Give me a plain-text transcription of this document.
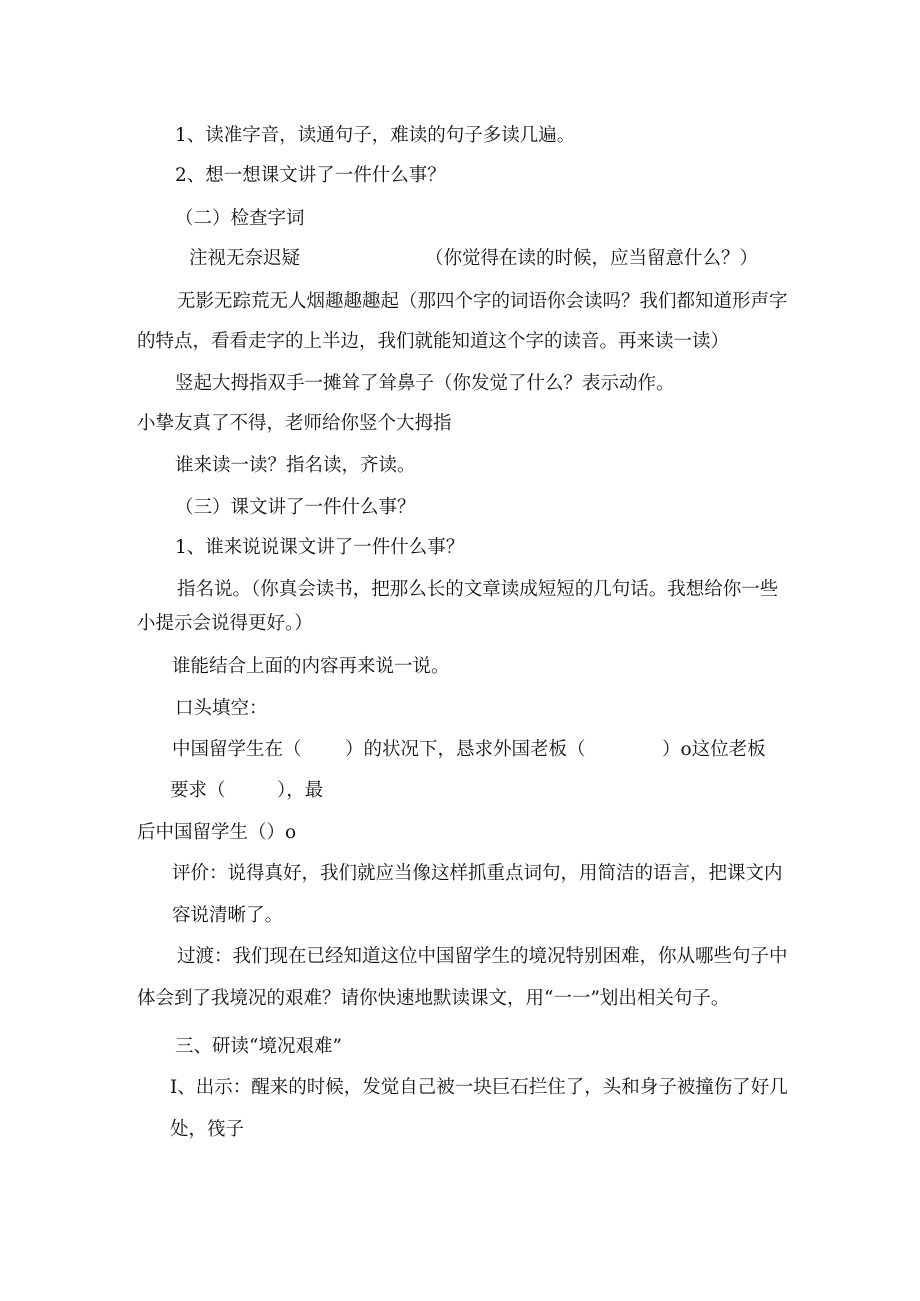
1、读准字音，读通句子，难读的句子多读几遍。
2、想一想课文讲了一件什么事？
（二）检查字词
注视无奈迟疑	（你觉得在读的时候，应当留意什么？）
无影无踪荒无人烟趣趣趣起（那四个字的词语你会读吗？我们都知道形声字
的特点，看看走字的上半边，我们就能知道这个字的读音。再来读一读）
竖起大拇指双手一摊耸了耸鼻子（你发觉了什么？表示动作。
小挚友真了不得，老师给你竖个大拇指
谁来读一读？指名读，齐读。
（三）课文讲了一件什么事？
1、谁来说说课文讲了一件什么事？
指名说。（你真会读书，把那么长的文章读成短短的几句话。我想给你一些
小提示会说得更好。）
谁能结合上面的内容再来说一说。
口头填空：
中国留学生在（ ）的状况下，恳求外国老板（	）o这位老板
要求（	），最
后中国留学生（）o
评价：说得真好，我们就应当像这样抓重点词句，用简洁的语言，把课文内
容说清晰了。
过渡：我们现在已经知道这位中国留学生的境况特别困难，你从哪些句子中
体会到了我境况的艰难？请你快速地默读课文，用“一一”划出相关句子。
三、研读“境况艰难”
I、出示：醒来的时候，发觉自己被一块巨石拦住了，头和身子被撞伤了好几
处，筏子
